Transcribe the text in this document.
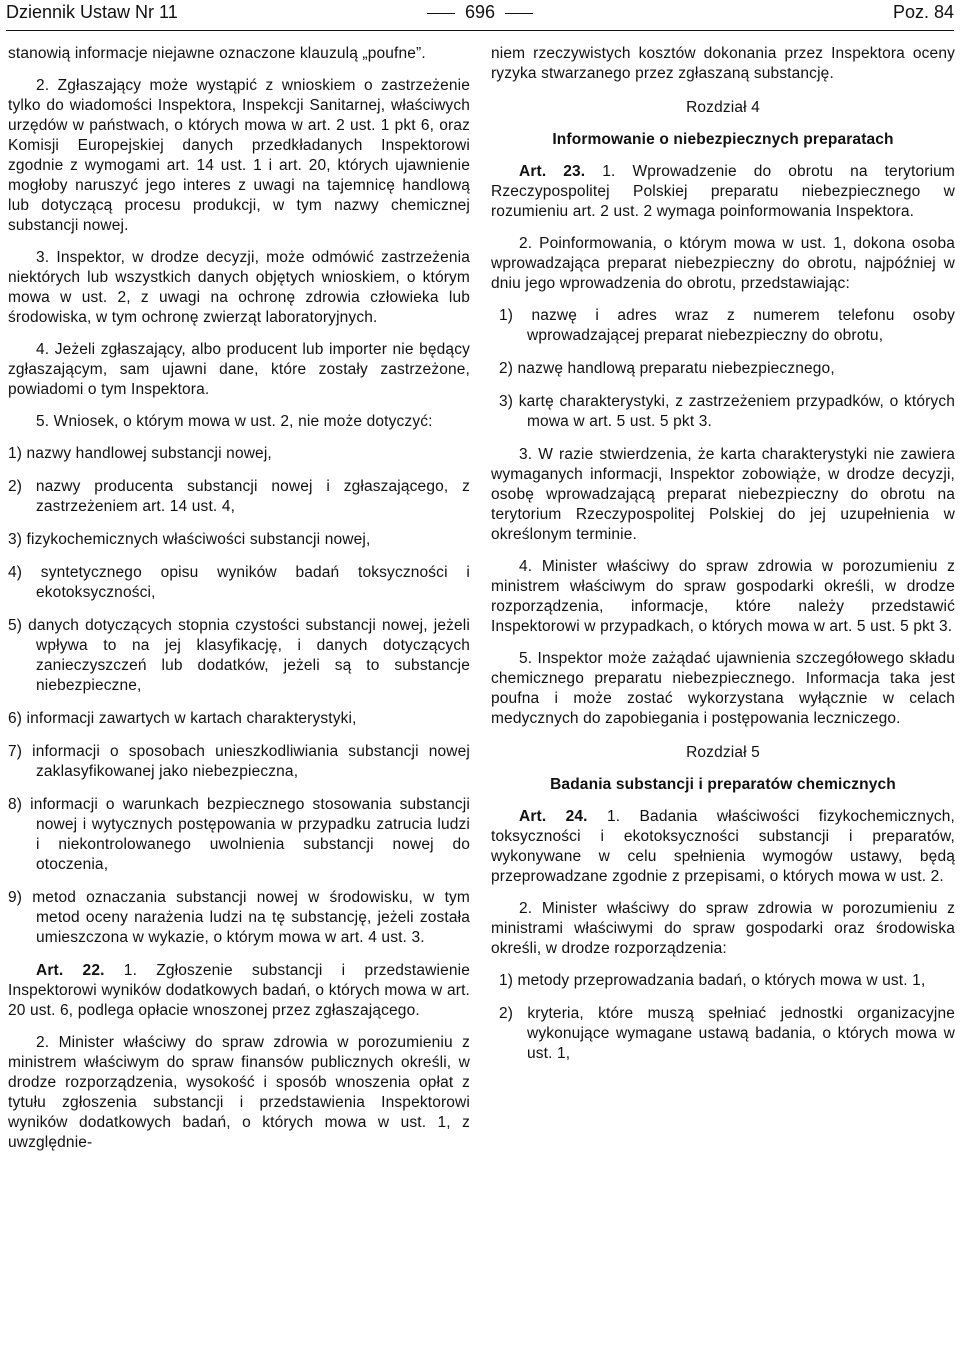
Dziennik Ustaw Nr 11	696	Poz. 84

stanowią informacje niejawne oznaczone klauzulą „poufne”.

2. Zgłaszający może wystąpić z wnioskiem o zastrzeżenie tylko do wiadomości Inspektora, Inspekcji Sanitarnej, właściwych urzędów w państwach, o których mowa w art. 2 ust. 1 pkt 6, oraz Komisji Europejskiej danych przedkładanych Inspektorowi zgodnie z wymogami art. 14 ust. 1 i art. 20, których ujawnienie mogłoby naruszyć jego interes z uwagi na tajemnicę handlową lub dotyczącą procesu produkcji, w tym nazwy chemicznej substancji nowej.

3. Inspektor, w drodze decyzji, może odmówić zastrzeżenia niektórych lub wszystkich danych objętych wnioskiem, o którym mowa w ust. 2, z uwagi na ochronę zdrowia człowieka lub środowiska, w tym ochronę zwierząt laboratoryjnych.

4. Jeżeli zgłaszający, albo producent lub importer nie będący zgłaszającym, sam ujawni dane, które zostały zastrzeżone, powiadomi o tym Inspektora.

5. Wniosek, o którym mowa w ust. 2, nie może dotyczyć:

1) nazwy handlowej substancji nowej,

2) nazwy producenta substancji nowej i zgłaszającego, z zastrzeżeniem art. 14 ust. 4,

3) fizykochemicznych właściwości substancji nowej,

4) syntetycznego opisu wyników badań toksyczności i ekotoksyczności,

5) danych dotyczących stopnia czystości substancji nowej, jeżeli wpływa to na jej klasyfikację, i danych dotyczących zanieczyszczeń lub dodatków, jeżeli są to substancje niebezpieczne,

6) informacji zawartych w kartach charakterystyki,

7) informacji o sposobach unieszkodliwiania substancji nowej zaklasyfikowanej jako niebezpieczna,

8) informacji o warunkach bezpiecznego stosowania substancji nowej i wytycznych postępowania w przypadku zatrucia ludzi i niekontrolowanego uwolnienia substancji nowej do otoczenia,

9) metod oznaczania substancji nowej w środowisku, w tym metod oceny narażenia ludzi na tę substancję, jeżeli została umieszczona w wykazie, o którym mowa w art. 4 ust. 3.

Art. 22. 1. Zgłoszenie substancji i przedstawienie Inspektorowi wyników dodatkowych badań, o których mowa w art. 20 ust. 6, podlega opłacie wnoszonej przez zgłaszającego.

2. Minister właściwy do spraw zdrowia w porozumieniu z ministrem właściwym do spraw finansów publicznych określi, w drodze rozporządzenia, wysokość i sposób wnoszenia opłat z tytułu zgłoszenia substancji i przedstawienia Inspektorowi wyników dodatkowych badań, o których mowa w ust. 1, z uwzględnie-

niem rzeczywistych kosztów dokonania przez Inspektora oceny ryzyka stwarzanego przez zgłaszaną substancję.

Rozdział 4

Informowanie o niebezpiecznych preparatach

Art. 23. 1. Wprowadzenie do obrotu na terytorium Rzeczypospolitej Polskiej preparatu niebezpiecznego w rozumieniu art. 2 ust. 2 wymaga poinformowania Inspektora.

2. Poinformowania, o którym mowa w ust. 1, dokona osoba wprowadzająca preparat niebezpieczny do obrotu, najpóźniej w dniu jego wprowadzenia do obrotu, przedstawiając:

1) nazwę i adres wraz z numerem telefonu osoby wprowadzającej preparat niebezpieczny do obrotu,

2) nazwę handlową preparatu niebezpiecznego,

3) kartę charakterystyki, z zastrzeżeniem przypadków, o których mowa w art. 5 ust. 5 pkt 3.

3. W razie stwierdzenia, że karta charakterystyki nie zawiera wymaganych informacji, Inspektor zobowiąże, w drodze decyzji, osobę wprowadzającą preparat niebezpieczny do obrotu na terytorium Rzeczypospolitej Polskiej do jej uzupełnienia w określonym terminie.

4. Minister właściwy do spraw zdrowia w porozumieniu z ministrem właściwym do spraw gospodarki określi, w drodze rozporządzenia, informacje, które należy przedstawić Inspektorowi w przypadkach, o których mowa w art. 5 ust. 5 pkt 3.

5. Inspektor może zażądać ujawnienia szczegółowego składu chemicznego preparatu niebezpiecznego. Informacja taka jest poufna i może zostać wykorzystana wyłącznie w celach medycznych do zapobiegania i postępowania leczniczego.

Rozdział 5

Badania substancji i preparatów chemicznych

Art. 24. 1. Badania właściwości fizykochemicznych, toksyczności i ekotoksyczności substancji i preparatów, wykonywane w celu spełnienia wymogów ustawy, będą przeprowadzane zgodnie z przepisami, o których mowa w ust. 2.

2. Minister właściwy do spraw zdrowia w porozumieniu z ministrami właściwymi do spraw gospodarki oraz środowiska określi, w drodze rozporządzenia:

1) metody przeprowadzania badań, o których mowa w ust. 1,

2) kryteria, które muszą spełniać jednostki organizacyjne wykonujące wymagane ustawą badania, o których mowa w ust. 1,
